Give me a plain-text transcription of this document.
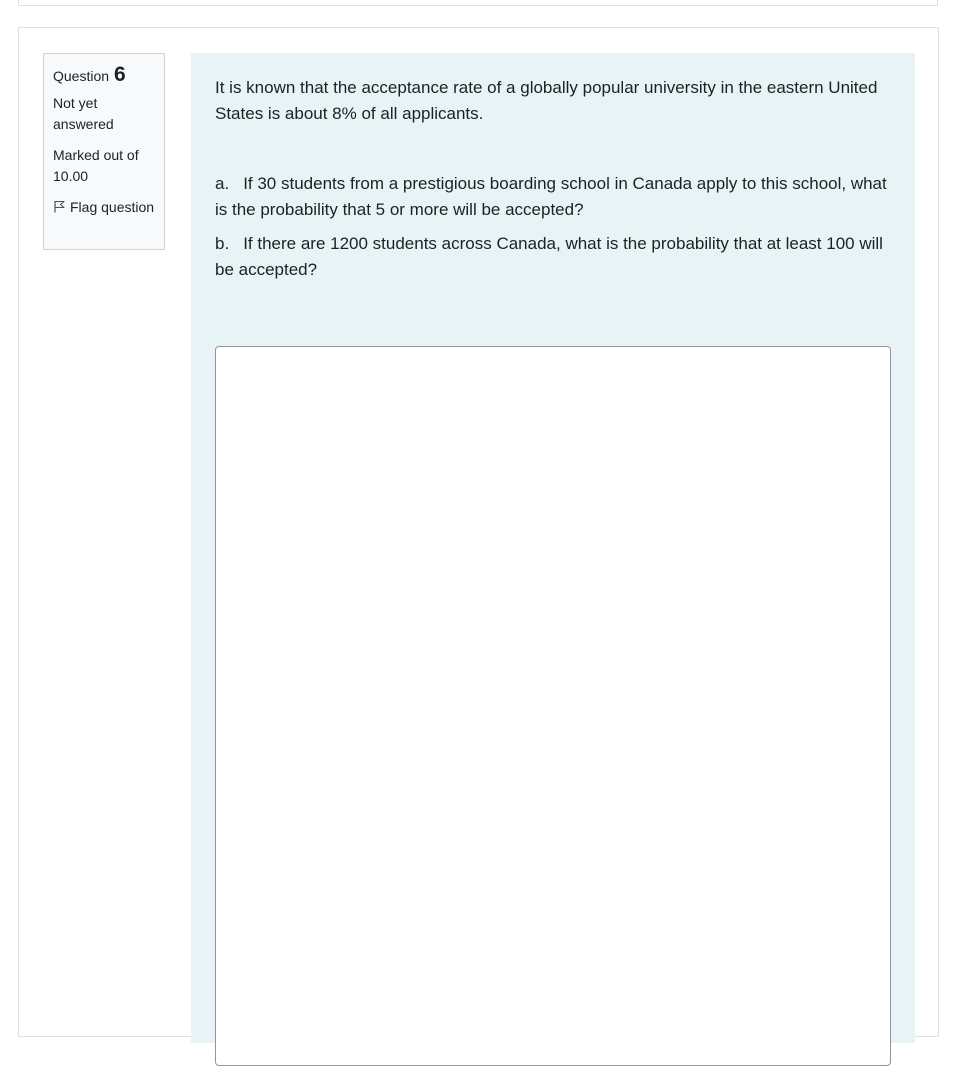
Question 6
Not yet answered
Marked out of 10.00
Flag question

It is known that the acceptance rate of a globally popular university in the eastern United States is about 8% of all applicants.

a. If 30 students from a prestigious boarding school in Canada apply to this school, what is the probability that 5 or more will be accepted?

b. If there are 1200 students across Canada, what is the probability that at least 100 will be accepted?
